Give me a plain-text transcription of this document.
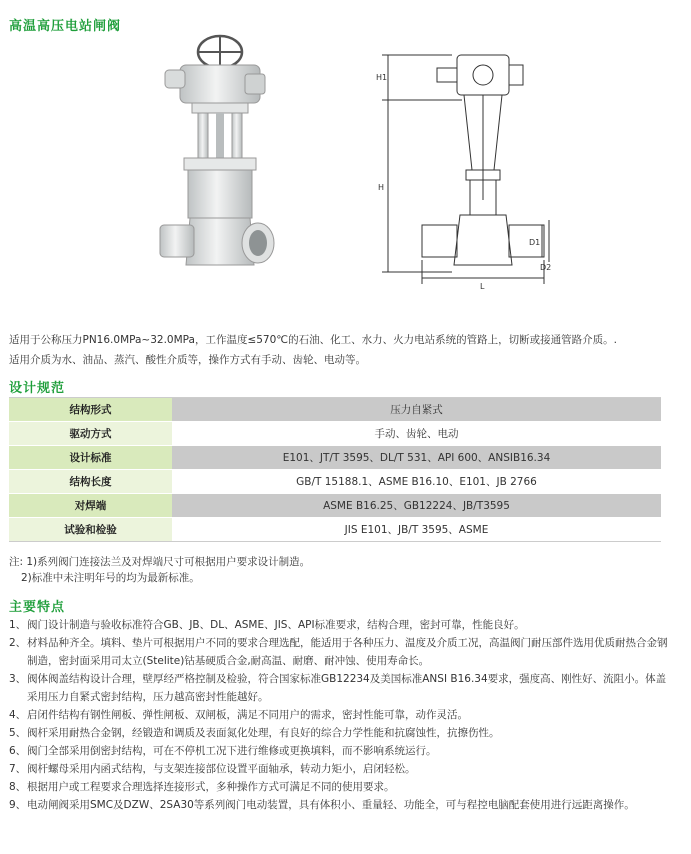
高温高压电站闸阀
H1
H
D1
D2
L

适用于公称压力PN16.0MPa~32.0MPa，工作温度≤570℃的石油、化工、水力、火力电站系统的管路上，切断或接通管路介质。.

适用介质为水、油品、蒸汽、酸性介质等，操作方式有手动、齿轮、电动等。

设计规范
结构形式	压力自紧式
驱动方式	手动、齿轮、电动
设计标准	E101、JT/T 3595、DL/T 531、API 600、ANSIB16.34
结构长度	GB/T 15188.1、ASME B16.10、E101、JB 2766
对焊端	ASME B16.25、GB12224、JB/T3595
试验和检验	JIS E101、JB/T 3595、ASME
注: 1)系列阀门连接法兰及对焊端尺寸可根据用户要求设计制造。
2)标准中未注明年号的均为最新标准。
主要特点
1、 阀门设计制造与验收标准符合GB、JB、DL、ASME、JIS、API标准要求，结构合理，密封可靠，性能良好。
2、 材料品种齐全。填料、垫片可根据用户不同的要求合理选配，能适用于各种压力、温度及介质工况，高温阀门耐压部件选用优质耐热合金钢制造，密封面采用司太立(Stelite)钴基硬质合金,耐高温、耐磨、耐冲蚀、使用寿命长。
3、 阀体阀盖结构设计合理，壁厚经严格控制及检验，符合国家标准GB12234及美国标准ANSI B16.34要求，强度高、刚性好、流阻小。体盖采用压力自紧式密封结构，压力越高密封性能越好。
4、 启闭件结构有钢性闸板、弹性闸板、双闸板，满足不同用户的需求，密封性能可靠，动作灵活。
5、 阀杆采用耐热合金钢，经锻造和调质及表面氮化处理，有良好的综合力学性能和抗腐蚀性，抗擦伤性。
6、 阀门全部采用倒密封结构，可在不停机工况下进行维修或更换填料，而不影响系统运行。
7、 阀杆螺母采用内函式结构，与支架连接部位设置平面轴承，转动力矩小，启闭轻松。
8、 根据用户或工程要求合理选择连接形式，多种操作方式可满足不同的使用要求。
9、 电动闸阀采用SMC及DZW、2SA30等系列阀门电动装置，具有体积小、重量轻、功能全，可与程控电脑配套使用进行远距离操作。
